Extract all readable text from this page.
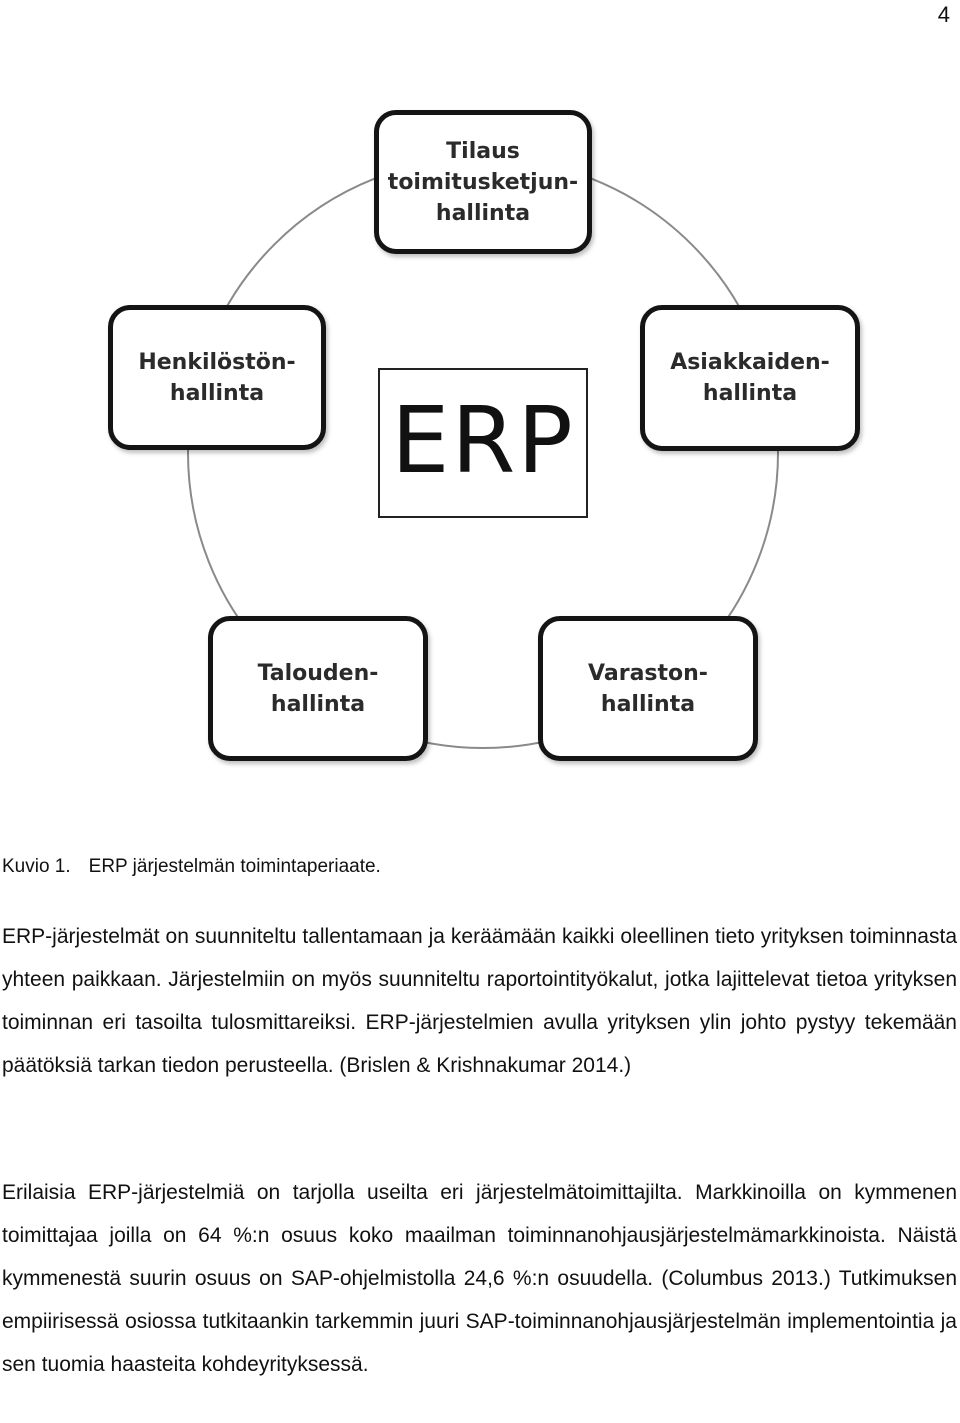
4
Tilaus
toimitusketjun-
hallinta
Henkilöstön-
hallinta
Asiakkaiden-
hallinta
Talouden-
hallinta
Varaston-
hallinta
ERP
Kuvio 1. ERP järjestelmän toimintaperiaate.

ERP-järjestelmät on suunniteltu tallentamaan ja keräämään kaikki oleellinen tieto yrityksen toiminnasta yhteen paikkaan. Järjestelmiin on myös suunniteltu raportointityökalut, jotka lajittelevat tietoa yrityksen toiminnan eri tasoilta tulosmittareiksi. ERP-järjestelmien avulla yrityksen ylin johto pystyy tekemään päätöksiä tarkan tiedon perusteella. (Brislen & Krishnakumar 2014.)

Erilaisia ERP-järjestelmiä on tarjolla useilta eri järjestelmätoimittajilta. Markkinoilla on kymmenen toimittajaa joilla on 64 %:n osuus koko maailman toiminnanohjausjärjestelmämarkkinoista. Näistä kymmenestä suurin osuus on SAP-ohjelmistolla 24,6 %:n osuudella. (Columbus 2013.) Tutkimuksen empiirisessä osiossa tutkitaankin tarkemmin juuri SAP-toiminnanohjausjärjestelmän implementointia ja sen tuomia haasteita kohdeyrityksessä.
